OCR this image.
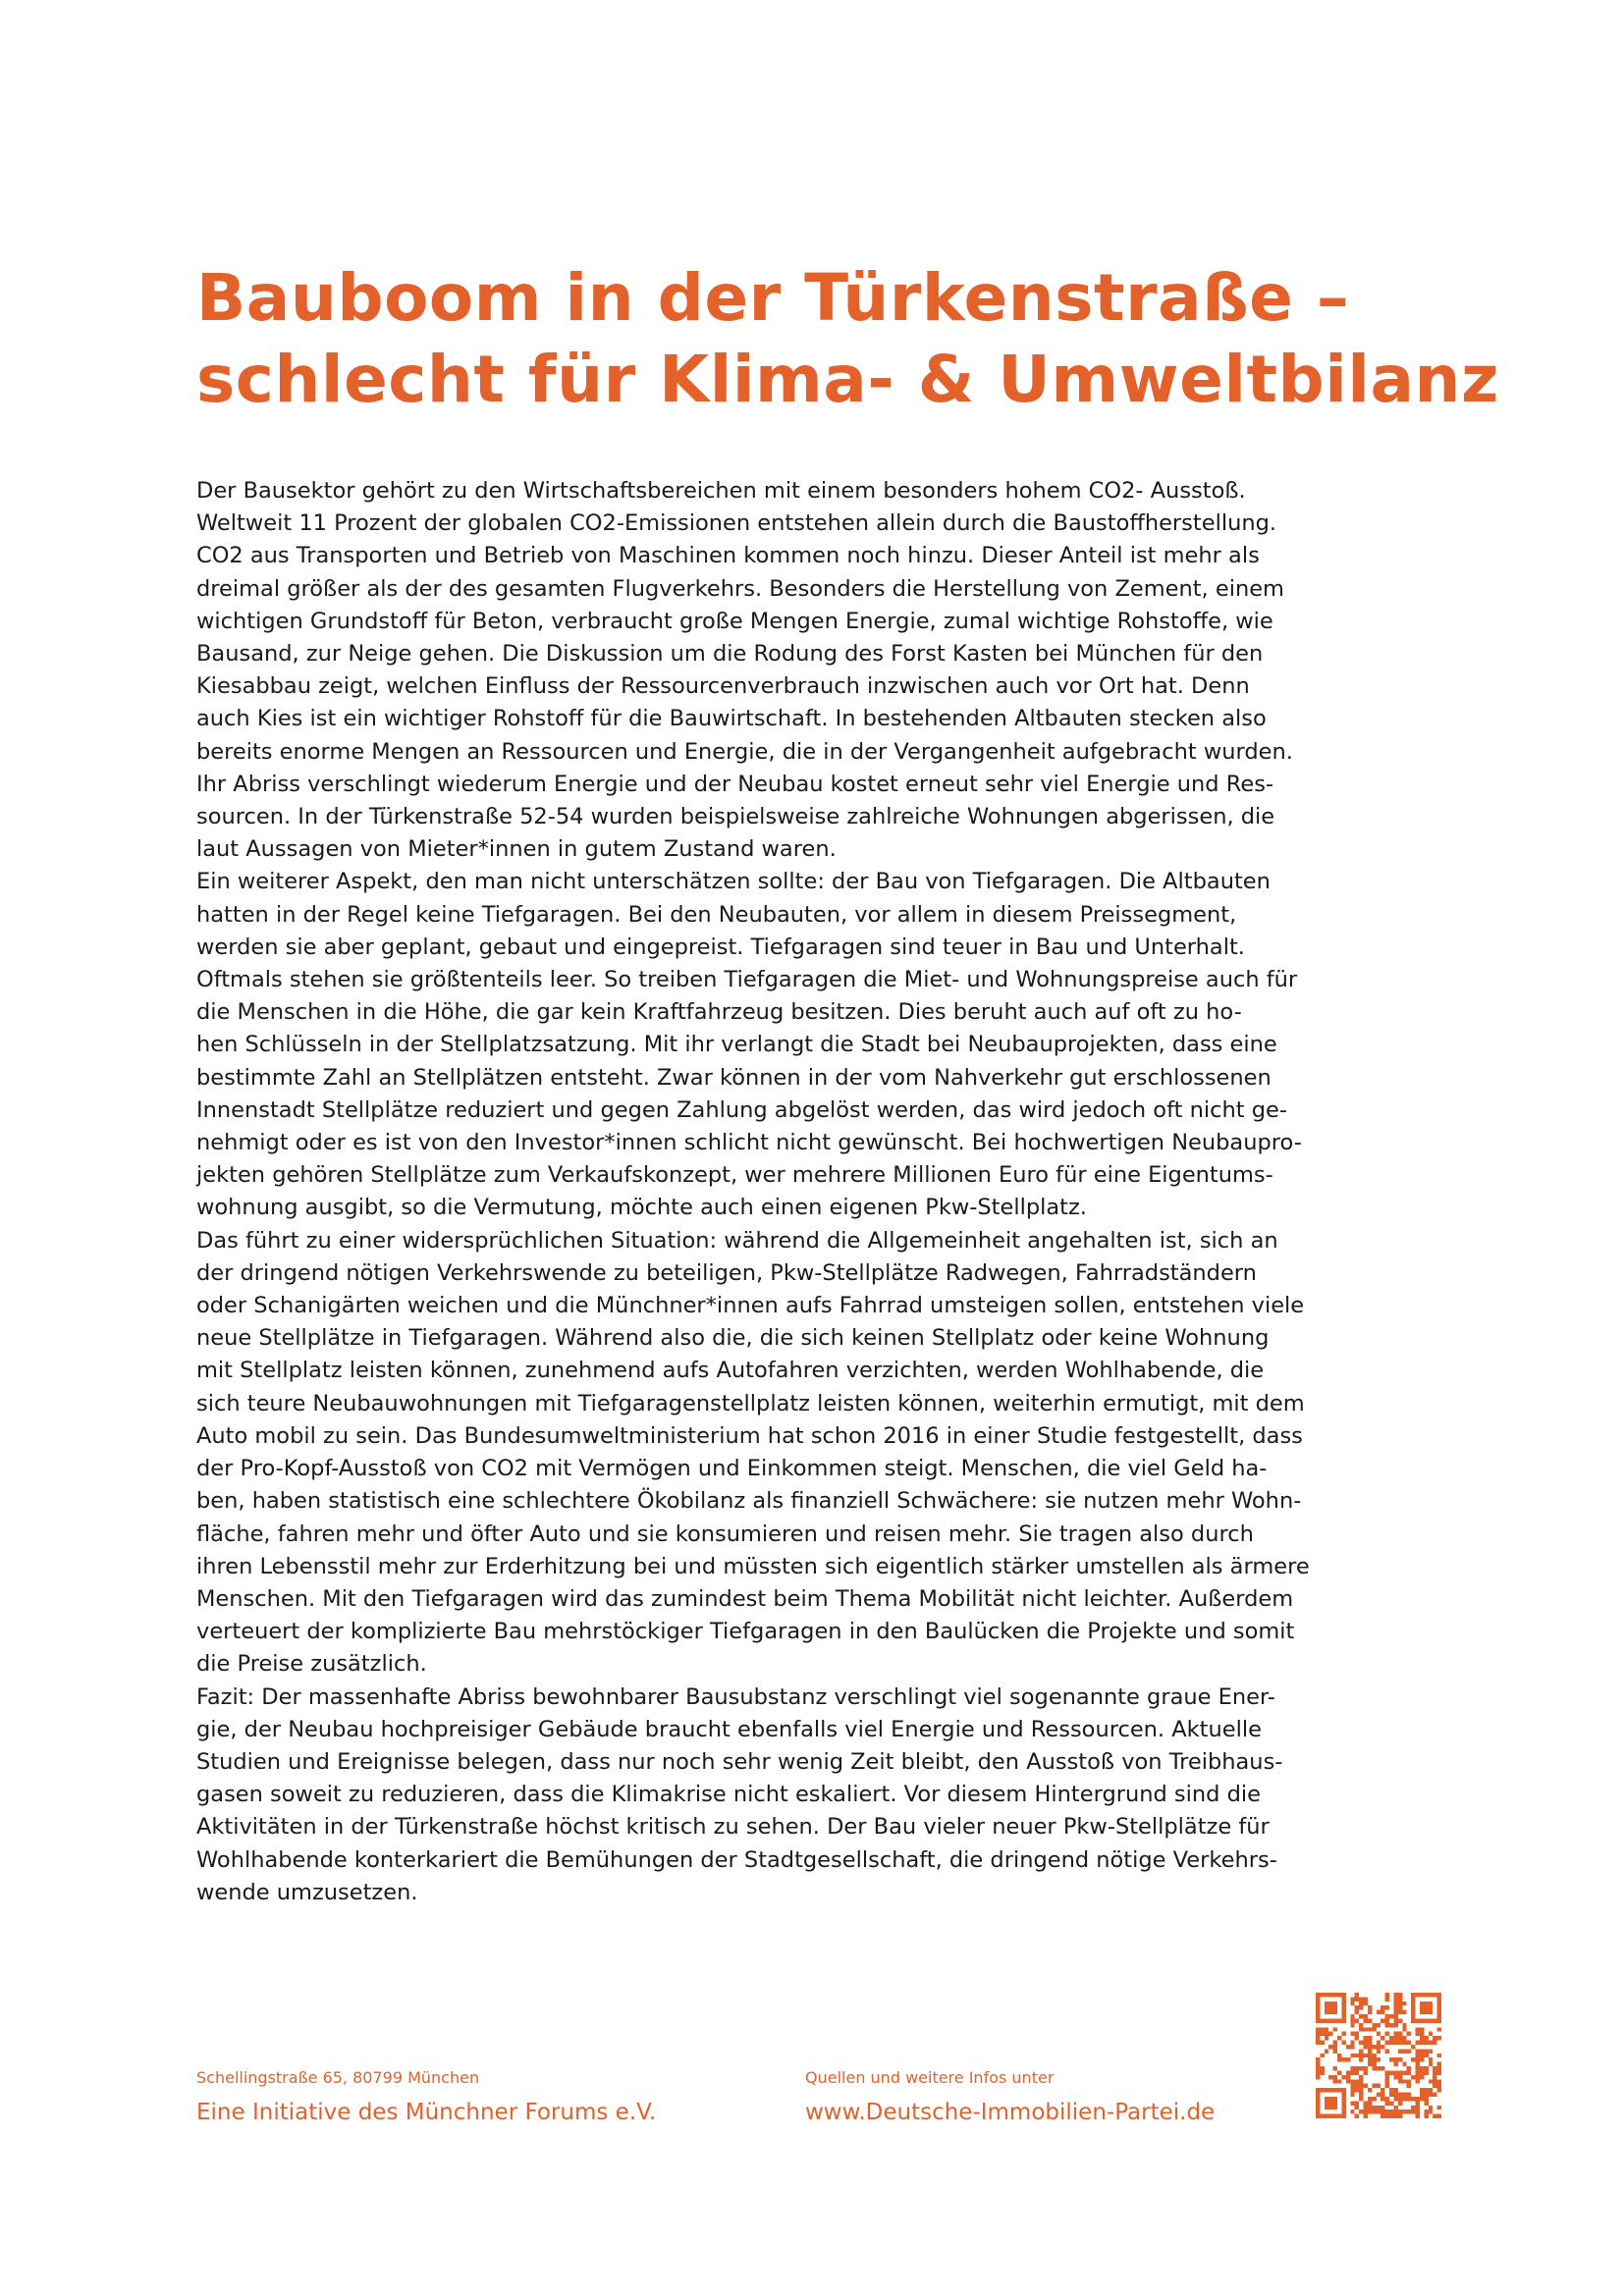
Bauboom in der Türkenstraße –
schlecht für Klima- & Umweltbilanz
Der Bausektor gehört zu den Wirtschaftsbereichen mit einem besonders hohem CO2- Ausstoß.
Weltweit 11 Prozent der globalen CO2-Emissionen entstehen allein durch die Baustoffherstellung.
CO2 aus Transporten und Betrieb von Maschinen kommen noch hinzu. Dieser Anteil ist mehr als
dreimal größer als der des gesamten Flugverkehrs. Besonders die Herstellung von Zement, einem
wichtigen Grundstoff für Beton, verbraucht große Mengen Energie, zumal wichtige Rohstoffe, wie
Bausand, zur Neige gehen. Die Diskussion um die Rodung des Forst Kasten bei München für den
Kiesabbau zeigt, welchen Einfluss der Ressourcenverbrauch inzwischen auch vor Ort hat. Denn
auch Kies ist ein wichtiger Rohstoff für die Bauwirtschaft. In bestehenden Altbauten stecken also
bereits enorme Mengen an Ressourcen und Energie, die in der Vergangenheit aufgebracht wurden.
Ihr Abriss verschlingt wiederum Energie und der Neubau kostet erneut sehr viel Energie und Res-
sourcen. In der Türkenstraße 52-54 wurden beispielsweise zahlreiche Wohnungen abgerissen, die
laut Aussagen von Mieter*innen in gutem Zustand waren.
Ein weiterer Aspekt, den man nicht unterschätzen sollte: der Bau von Tiefgaragen. Die Altbauten
hatten in der Regel keine Tiefgaragen. Bei den Neubauten, vor allem in diesem Preissegment,
werden sie aber geplant, gebaut und eingepreist. Tiefgaragen sind teuer in Bau und Unterhalt.
Oftmals stehen sie größtenteils leer. So treiben Tiefgaragen die Miet- und Wohnungspreise auch für
die Menschen in die Höhe, die gar kein Kraftfahrzeug besitzen. Dies beruht auch auf oft zu ho-
hen Schlüsseln in der Stellplatzsatzung. Mit ihr verlangt die Stadt bei Neubauprojekten, dass eine
bestimmte Zahl an Stellplätzen entsteht. Zwar können in der vom Nahverkehr gut erschlossenen
Innenstadt Stellplätze reduziert und gegen Zahlung abgelöst werden, das wird jedoch oft nicht ge-
nehmigt oder es ist von den Investor*innen schlicht nicht gewünscht. Bei hochwertigen Neubaupro-
jekten gehören Stellplätze zum Verkaufskonzept, wer mehrere Millionen Euro für eine Eigentums-
wohnung ausgibt, so die Vermutung, möchte auch einen eigenen Pkw-Stellplatz.
Das führt zu einer widersprüchlichen Situation: während die Allgemeinheit angehalten ist, sich an
der dringend nötigen Verkehrswende zu beteiligen, Pkw-Stellplätze Radwegen, Fahrradständern
oder Schanigärten weichen und die Münchner*innen aufs Fahrrad umsteigen sollen, entstehen viele
neue Stellplätze in Tiefgaragen. Während also die, die sich keinen Stellplatz oder keine Wohnung
mit Stellplatz leisten können, zunehmend aufs Autofahren verzichten, werden Wohlhabende, die
sich teure Neubauwohnungen mit Tiefgaragenstellplatz leisten können, weiterhin ermutigt, mit dem
Auto mobil zu sein. Das Bundesumweltministerium hat schon 2016 in einer Studie festgestellt, dass
der Pro-Kopf-Ausstoß von CO2 mit Vermögen und Einkommen steigt. Menschen, die viel Geld ha-
ben, haben statistisch eine schlechtere Ökobilanz als finanziell Schwächere: sie nutzen mehr Wohn-
fläche, fahren mehr und öfter Auto und sie konsumieren und reisen mehr. Sie tragen also durch
ihren Lebensstil mehr zur Erderhitzung bei und müssten sich eigentlich stärker umstellen als ärmere
Menschen. Mit den Tiefgaragen wird das zumindest beim Thema Mobilität nicht leichter. Außerdem
verteuert der komplizierte Bau mehrstöckiger Tiefgaragen in den Baulücken die Projekte und somit
die Preise zusätzlich.
Fazit: Der massenhafte Abriss bewohnbarer Bausubstanz verschlingt viel sogenannte graue Ener-
gie, der Neubau hochpreisiger Gebäude braucht ebenfalls viel Energie und Ressourcen. Aktuelle
Studien und Ereignisse belegen, dass nur noch sehr wenig Zeit bleibt, den Ausstoß von Treibhaus-
gasen soweit zu reduzieren, dass die Klimakrise nicht eskaliert. Vor diesem Hintergrund sind die
Aktivitäten in der Türkenstraße höchst kritisch zu sehen. Der Bau vieler neuer Pkw-Stellplätze für
Wohlhabende konterkariert die Bemühungen der Stadtgesellschaft, die dringend nötige Verkehrs-
wende umzusetzen.
Schellingstraße 65, 80799 München
Eine Initiative des Münchner Forums e.V.
Quellen und weitere Infos unter
www.Deutsche-Immobilien-Partei.de
